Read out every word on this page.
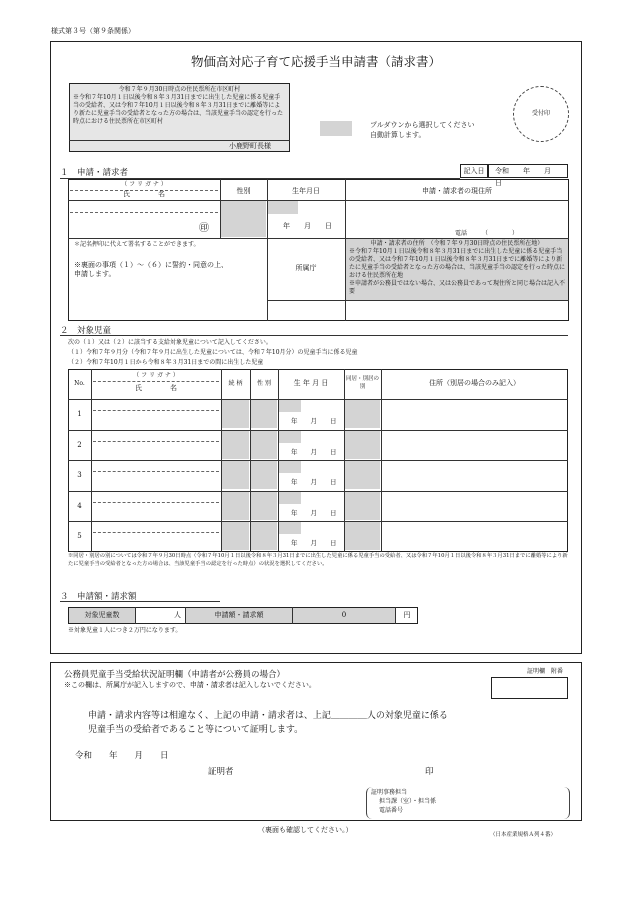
様式第３号（第９条関係）
物価高対応子育て応援手当申請書（請求書）
令和７年９月30日時点の住民票所在市区町村
※令和７年10月１日以後令和８年３月31日までに出生した児童に係る児童手当の受給者、又は令和７年10月１日以後令和８年３月31日までに離婚等により新たに児童手当の受給者となった方の場合は、当該児童手当の認定を行った時点における住民票所在市区町村
小鹿野町長様
プルダウンから選択してください
自動計算します。
受付印
１　申請・請求者	記入日	令和　　年　　月　　日
（ フ リ ガ ナ ）
氏　　　　名	性別	生年月日	申請・請求者の現住所
㊞	年　　月　　日
電話　　　（　　　　）
＊記名押印に代えて署名することができます。
※裏面の事項（１）～（６）に誓約・同意の上、申請します。
所属庁
申請・請求者の住所　（令和７年９月30日時点の住民票所在地）
※令和７年10月１日以後令和８年３月31日までに出生した児童に係る児童手当の受給者、又は令和７年10月１日以後令和８年３月31日までに離婚等により新たに児童手当の受給者となった方の場合は、当該児童手当の認定を行った時点における住民票所在地
※申請者が公務員ではない場合、又は公務員であって現住所と同じ場合は記入不要
２　対象児童
次の（１）又は（２）に該当する支給対象児童について記入してください。
（１）令和７年９月分（令和７年９月に出生した児童については、令和７年10月分）の児童手当に係る児童
（２）令和７年10月１日から令和８年３月31日までの間に出生した児童
No.
（ フ リ ガ ナ ）
氏　　　　名
続 柄	性 別	生 年 月 日	同居・別居の別	住所（別居の場合のみ記入）
1
年　　月　　日
2
年　　月　　日
3
年　　月　　日
4
年　　月　　日
5
年　　月　　日
※同居・別居の別については令和７年９月30日時点（令和７年10月１日以後令和８年３月31日までに出生した児童に係る児童手当の受給者、又は令和７年10月１日以後令和８年３月31日までに離婚等により新たに児童手当の受給者となった方の場合は、当該児童手当の認定を行った時点）の状況を選択してください。
３　申請額・請求額
対象児童数	人	申請額・請求額	0	円
※対象児童１人につき２万円になります。
公務員児童手当受給状況証明欄（申請者が公務員の場合）
※この欄は、所属庁が記入しますので、申請・請求者は記入しないでください。
証明欄　附番
申請・請求内容等は相違なく、上記の申請・請求者は、上記＿＿＿＿人の対象児童に係る
児童手当の受給者であること等について証明します。
令和　　年　　月　　日
証明者	印
証明事務担当
担当課（室）・担当係
電話番号
（裏面も確認してください。）
（日本産業規格Ａ列４番）
